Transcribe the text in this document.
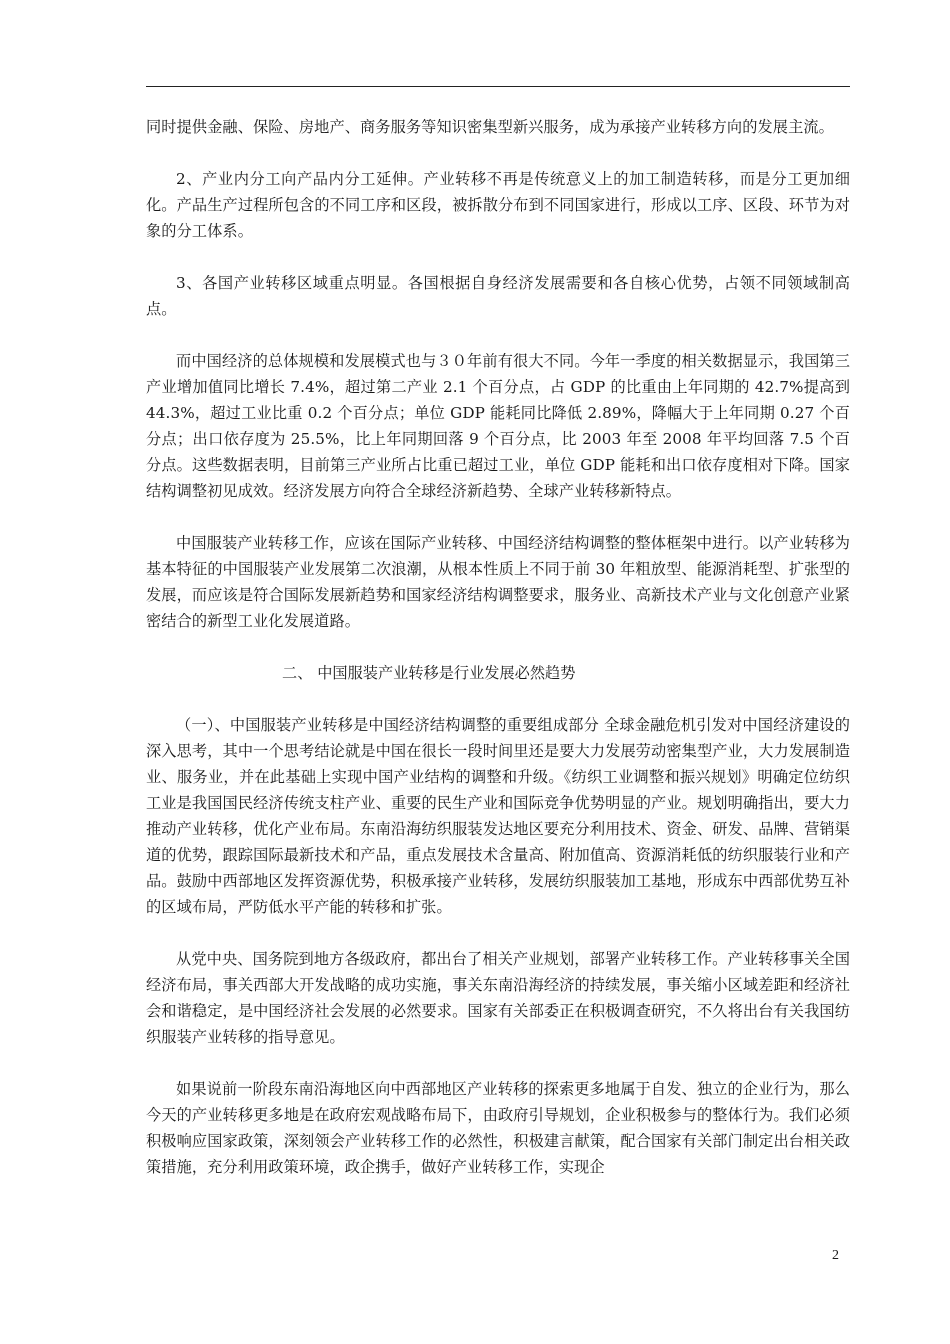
同时提供金融、保险、房地产、商务服务等知识密集型新兴服务，成为承接产业转移方向的发展主流。

2、产业内分工向产品内分工延伸。产业转移不再是传统意义上的加工制造转移，而是分工更加细化。产品生产过程所包含的不同工序和区段，被拆散分布到不同国家进行，形成以工序、区段、环节为对象的分工体系。

3、各国产业转移区域重点明显。各国根据自身经济发展需要和各自核心优势，占领不同领域制高点。

而中国经济的总体规模和发展模式也与３０年前有很大不同。今年一季度的相关数据显示，我国第三产业增加值同比增长 7.4%，超过第二产业 2.1 个百分点，占 GDP 的比重由上年同期的 42.7%提高到 44.3%，超过工业比重 0.2 个百分点；单位 GDP 能耗同比降低 2.89%，降幅大于上年同期 0.27 个百分点；出口依存度为 25.5%，比上年同期回落 9 个百分点，比 2003 年至 2008 年平均回落 7.5 个百分点。这些数据表明，目前第三产业所占比重已超过工业，单位 GDP 能耗和出口依存度相对下降。国家结构调整初见成效。经济发展方向符合全球经济新趋势、全球产业转移新特点。

中国服装产业转移工作，应该在国际产业转移、中国经济结构调整的整体框架中进行。以产业转移为基本特征的中国服装产业发展第二次浪潮，从根本性质上不同于前 30 年粗放型、能源消耗型、扩张型的发展，而应该是符合国际发展新趋势和国家经济结构调整要求，服务业、高新技术产业与文化创意产业紧密结合的新型工业化发展道路。

二、 中国服装产业转移是行业发展必然趋势

（一）、中国服装产业转移是中国经济结构调整的重要组成部分 全球金融危机引发对中国经济建设的深入思考，其中一个思考结论就是中国在很长一段时间里还是要大力发展劳动密集型产业，大力发展制造业、服务业，并在此基础上实现中国产业结构的调整和升级。《纺织工业调整和振兴规划》明确定位纺织工业是我国国民经济传统支柱产业、重要的民生产业和国际竞争优势明显的产业。规划明确指出，要大力推动产业转移，优化产业布局。东南沿海纺织服装发达地区要充分利用技术、资金、研发、品牌、营销渠道的优势，跟踪国际最新技术和产品，重点发展技术含量高、附加值高、资源消耗低的纺织服装行业和产品。鼓励中西部地区发挥资源优势，积极承接产业转移，发展纺织服装加工基地，形成东中西部优势互补的区域布局，严防低水平产能的转移和扩张。

从党中央、国务院到地方各级政府，都出台了相关产业规划，部署产业转移工作。产业转移事关全国经济布局，事关西部大开发战略的成功实施，事关东南沿海经济的持续发展，事关缩小区域差距和经济社会和谐稳定，是中国经济社会发展的必然要求。国家有关部委正在积极调查研究，不久将出台有关我国纺织服装产业转移的指导意见。

如果说前一阶段东南沿海地区向中西部地区产业转移的探索更多地属于自发、独立的企业行为，那么今天的产业转移更多地是在政府宏观战略布局下，由政府引导规划，企业积极参与的整体行为。我们必须积极响应国家政策，深刻领会产业转移工作的必然性，积极建言献策，配合国家有关部门制定出台相关政策措施，充分利用政策环境，政企携手，做好产业转移工作，实现企

2
